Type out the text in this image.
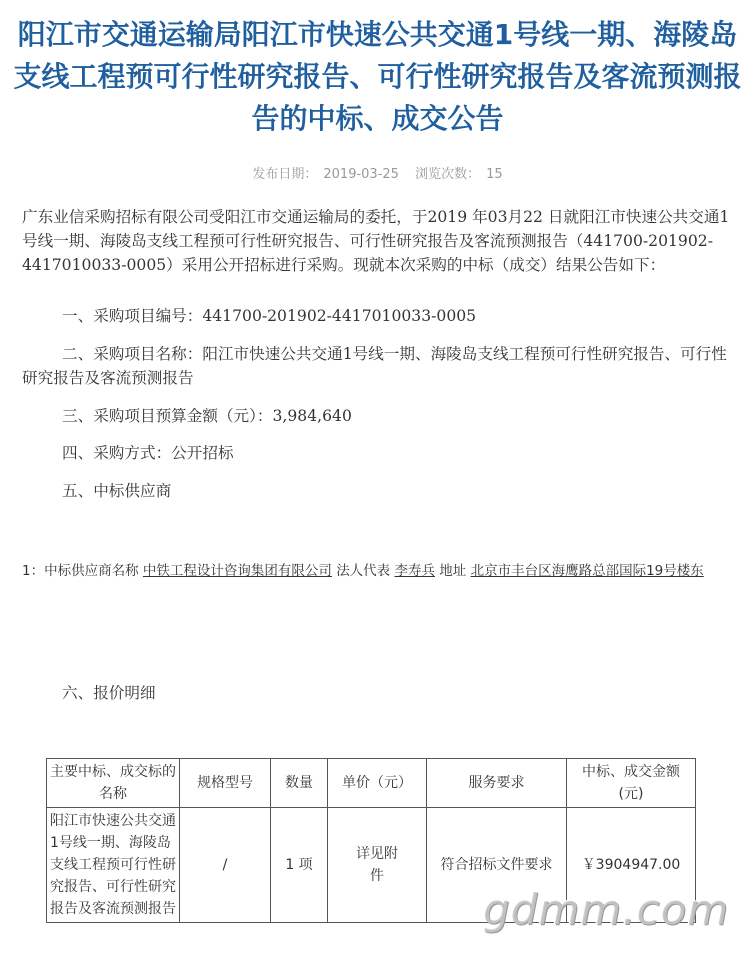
阳江市交通运输局阳江市快速公共交通1号线一期、海陵岛支线工程预可行性研究报告、可行性研究报告及客流预测报告的中标、成交公告
发布日期： 2019-03-25 浏览次数： 15
广东业信采购招标有限公司受阳江市交通运输局的委托，于2019 年03月22 日就阳江市快速公共交通1号线一期、海陵岛支线工程预可行性研究报告、可行性研究报告及客流预测报告（441700-201902-4417010033-0005）采用公开招标进行采购。现就本次采购的中标（成交）结果公告如下：
一、采购项目编号：441700-201902-4417010033-0005
二、采购项目名称：阳江市快速公共交通1号线一期、海陵岛支线工程预可行性研究报告、可行性研究报告及客流预测报告
三、采购项目预算金额（元）：3,984,640
四、采购方式：公开招标
五、中标供应商
1：中标供应商名称 中铁工程设计咨询集团有限公司 法人代表 李寿兵 地址 北京市丰台区海鹰路总部国际19号楼东
六、报价明细
主要中标、成交标的名称	规格型号	数量	单价（元）	服务要求	中标、成交金额(元)
阳江市快速公共交通1号线一期、海陵岛支线工程预可行性研究报告、可行性研究报告及客流预测报告	/	1 项	详见附件	符合招标文件要求	￥3904947.00
gdmm.com
